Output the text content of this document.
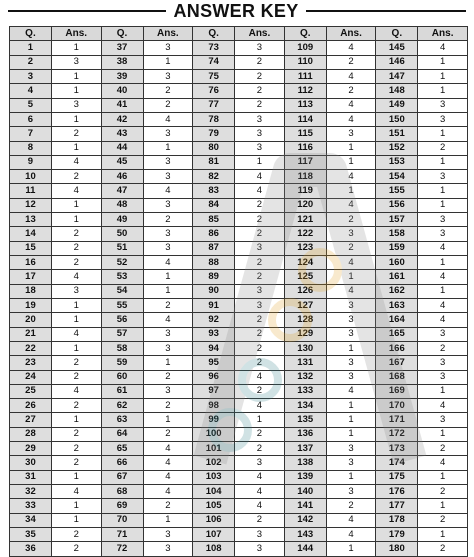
ANSWER KEY
Q.	Ans.	Q.	Ans.	Q.	Ans.	Q.	Ans.	Q.	Ans.
1	1	37	3	73	3	109	4	145	4
2	3	38	1	74	2	110	2	146	1
3	1	39	3	75	2	111	4	147	1
4	1	40	2	76	2	112	2	148	1
5	3	41	2	77	2	113	4	149	3
6	1	42	4	78	3	114	4	150	3
7	2	43	3	79	3	115	3	151	1
8	1	44	1	80	3	116	1	152	2
9	4	45	3	81	1	117	1	153	1
10	2	46	3	82	4	118	4	154	3
11	4	47	4	83	4	119	1	155	1
12	1	48	3	84	2	120	4	156	1
13	1	49	2	85	2	121	2	157	3
14	2	50	3	86	2	122	3	158	3
15	2	51	3	87	3	123	2	159	4
16	2	52	4	88	2	124	4	160	1
17	4	53	1	89	2	125	1	161	4
18	3	54	1	90	3	126	4	162	1
19	1	55	2	91	3	127	3	163	4
20	1	56	4	92	2	128	3	164	4
21	4	57	3	93	2	129	3	165	3
22	1	58	3	94	2	130	1	166	2
23	2	59	1	95	2	131	3	167	3
24	2	60	2	96	4	132	3	168	3
25	4	61	3	97	2	133	4	169	1
26	2	62	2	98	4	134	1	170	4
27	1	63	1	99	1	135	1	171	3
28	2	64	2	100	2	136	1	172	1
29	2	65	4	101	2	137	3	173	2
30	2	66	4	102	3	138	3	174	4
31	1	67	4	103	4	139	1	175	1
32	4	68	4	104	4	140	3	176	2
33	1	69	2	105	4	141	2	177	1
34	1	70	1	106	2	142	4	178	2
35	2	71	3	107	3	143	4	179	1
36	2	72	3	108	3	144	1	180	2
